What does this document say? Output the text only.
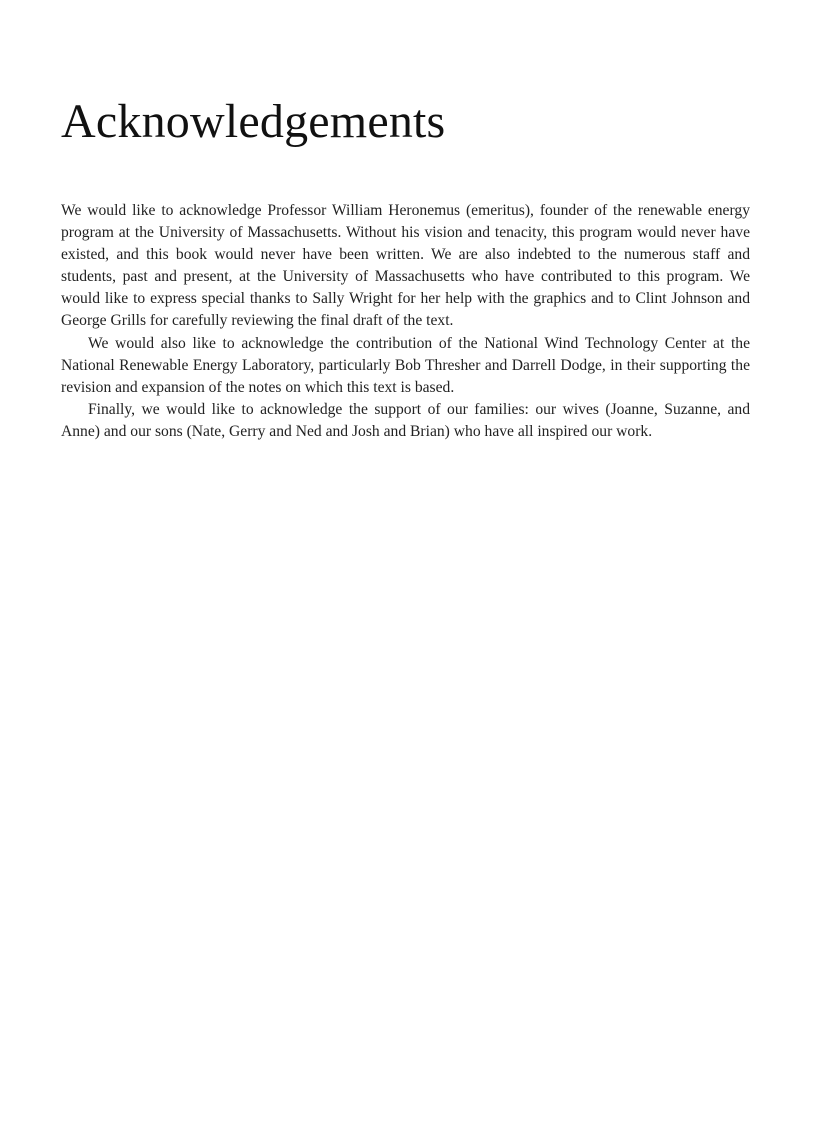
Acknowledgements

We would like to acknowledge Professor William Heronemus (emeritus), founder of the renewable energy program at the University of Massachusetts. Without his vision and tenacity, this program would never have existed, and this book would never have been written. We are also indebted to the numerous staff and students, past and present, at the University of Massachusetts who have contributed to this program. We would like to express special thanks to Sally Wright for her help with the graphics and to Clint Johnson and George Grills for carefully reviewing the final draft of the text.

We would also like to acknowledge the contribution of the National Wind Technology Center at the National Renewable Energy Laboratory, particularly Bob Thresher and Darrell Dodge, in their supporting the revision and expansion of the notes on which this text is based.

Finally, we would like to acknowledge the support of our families: our wives (Joanne, Suzanne, and Anne) and our sons (Nate, Gerry and Ned and Josh and Brian) who have all inspired our work.
